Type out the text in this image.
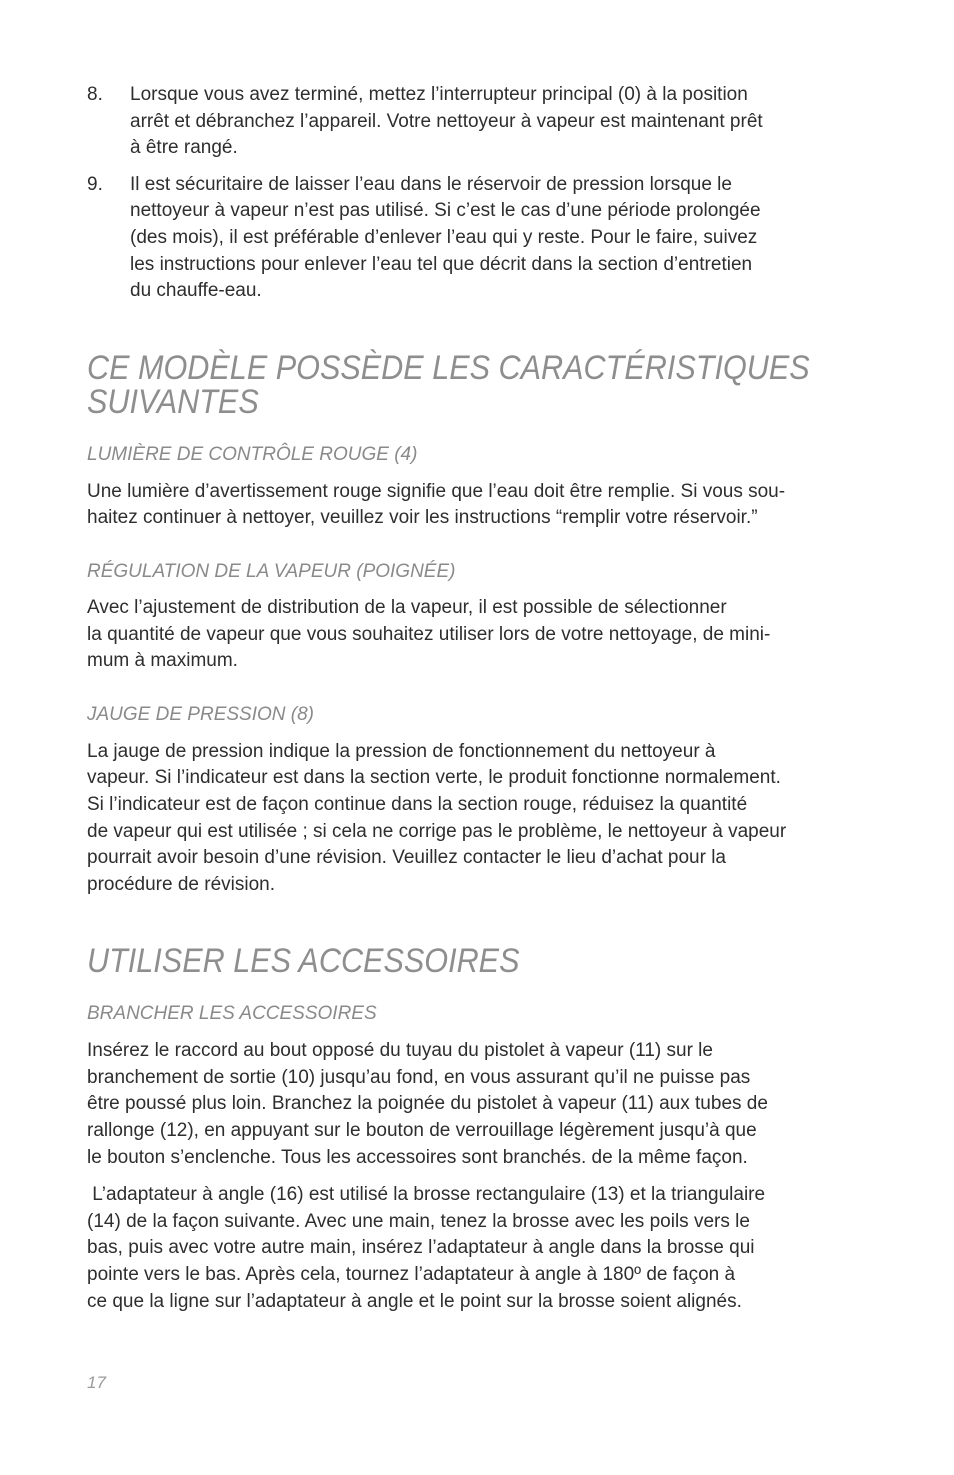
8.	Lorsque vous avez terminé, mettez l’interrupteur principal (0) à la position
arrêt et débranchez l’appareil. Votre nettoyeur à vapeur est maintenant prêt
à être rangé.
9.	Il est sécuritaire de laisser l’eau dans le réservoir de pression lorsque le
nettoyeur à vapeur n’est pas utilisé. Si c’est le cas d’une période prolongée
(des mois), il est préférable d’enlever l’eau qui y reste. Pour le faire, suivez
les instructions pour enlever l’eau tel que décrit dans la section d’entretien
du chauffe-eau.
CE MODÈLE POSSÈDE LES CARACTÉRISTIQUES
SUIVANTES
LUMIÈRE DE CONTRÔLE ROUGE (4)
Une lumière d’avertissement rouge signifie que l’eau doit être remplie. Si vous sou-
haitez continuer à nettoyer, veuillez voir les instructions “remplir votre réservoir.”
RÉGULATION DE LA VAPEUR (POIGNÉE)
Avec l’ajustement de distribution de la vapeur, il est possible de sélectionner
la quantité de vapeur que vous souhaitez utiliser lors de votre nettoyage, de mini-
mum à maximum.
JAUGE DE PRESSION (8)
La jauge de pression indique la pression de fonctionnement du nettoyeur à
vapeur. Si l’indicateur est dans la section verte, le produit fonctionne normalement.
Si l’indicateur est de façon continue dans la section rouge, réduisez la quantité
de vapeur qui est utilisée ; si cela ne corrige pas le problème, le nettoyeur à vapeur
pourrait avoir besoin d’une révision. Veuillez contacter le lieu d’achat pour la
procédure de révision.
UTILISER LES ACCESSOIRES
BRANCHER LES ACCESSOIRES
Insérez le raccord au bout opposé du tuyau du pistolet à vapeur (11) sur le
branchement de sortie (10) jusqu’au fond, en vous assurant qu’il ne puisse pas
être poussé plus loin. Branchez la poignée du pistolet à vapeur (11) aux tubes de
rallonge (12), en appuyant sur le bouton de verrouillage légèrement jusqu’à que
le bouton s’enclenche. Tous les accessoires sont branchés. de la même façon.
L’adaptateur à angle (16) est utilisé la brosse rectangulaire (13) et la triangulaire
(14) de la façon suivante. Avec une main, tenez la brosse avec les poils vers le
bas, puis avec votre autre main, insérez l’adaptateur à angle dans la brosse qui
pointe vers le bas. Après cela, tournez l’adaptateur à angle à 180º de façon à
ce que la ligne sur l’adaptateur à angle et le point sur la brosse soient alignés.
17
